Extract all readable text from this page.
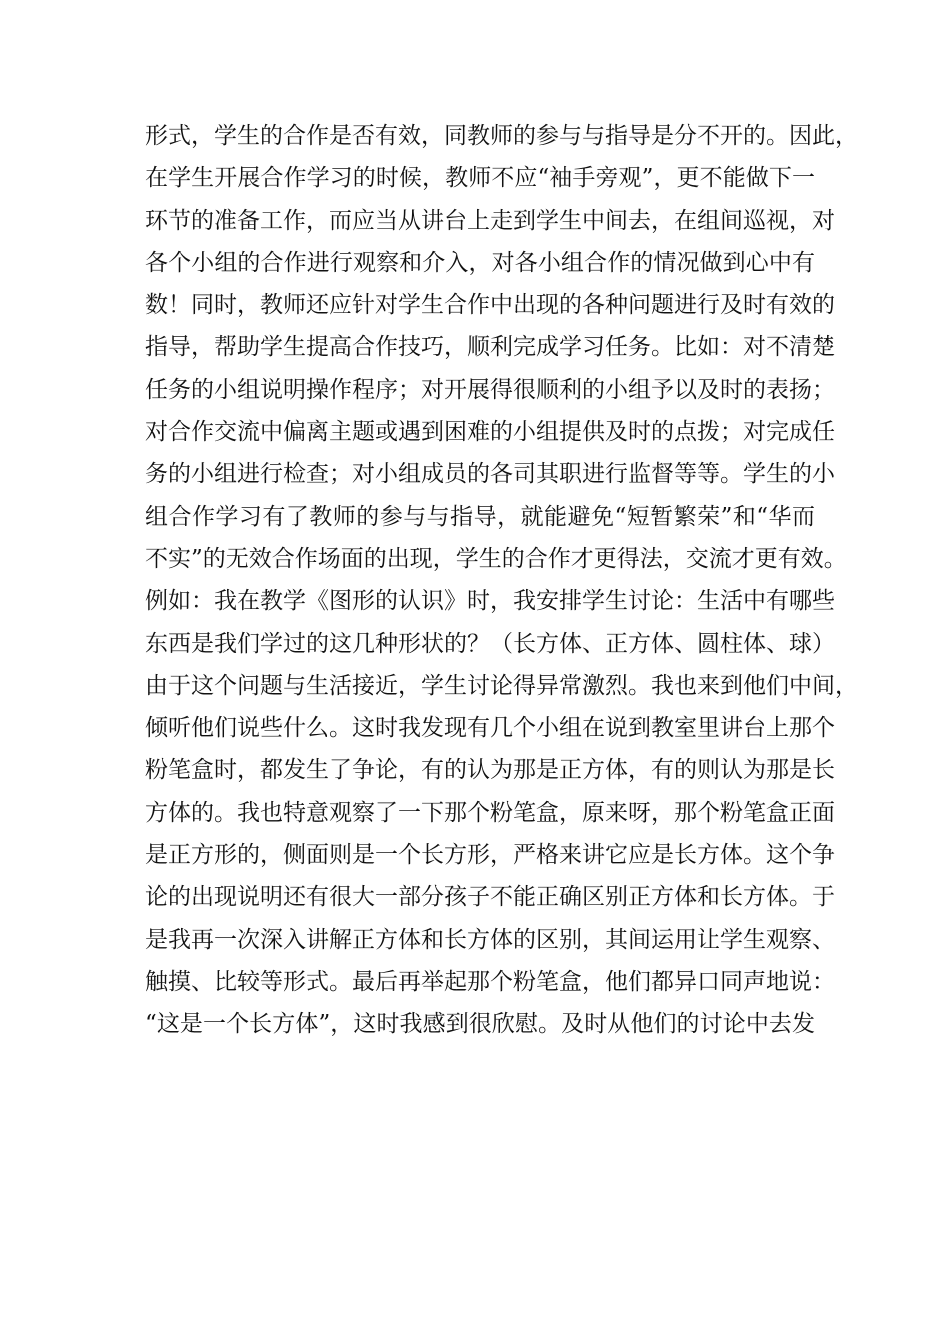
形式，学生的合作是否有效，同教师的参与与指导是分不开的。因此，
在学生开展合作学习的时候，教师不应“袖手旁观”，更不能做下一
环节的准备工作，而应当从讲台上走到学生中间去，在组间巡视，对
各个小组的合作进行观察和介入，对各小组合作的情况做到心中有
数！同时，教师还应针对学生合作中出现的各种问题进行及时有效的
指导，帮助学生提高合作技巧，顺利完成学习任务。比如：对不清楚
任务的小组说明操作程序；对开展得很顺利的小组予以及时的表扬；
对合作交流中偏离主题或遇到困难的小组提供及时的点拨；对完成任
务的小组进行检查；对小组成员的各司其职进行监督等等。学生的小
组合作学习有了教师的参与与指导，就能避免“短暂繁荣”和“华而
不实”的无效合作场面的出现，学生的合作才更得法，交流才更有效。
例如：我在教学《图形的认识》时，我安排学生讨论：生活中有哪些
东西是我们学过的这几种形状的？（长方体、正方体、圆柱体、球）
由于这个问题与生活接近，学生讨论得异常激烈。我也来到他们中间，
倾听他们说些什么。这时我发现有几个小组在说到教室里讲台上那个
粉笔盒时，都发生了争论，有的认为那是正方体，有的则认为那是长
方体的。我也特意观察了一下那个粉笔盒，原来呀，那个粉笔盒正面
是正方形的，侧面则是一个长方形，严格来讲它应是长方体。这个争
论的出现说明还有很大一部分孩子不能正确区别正方体和长方体。于
是我再一次深入讲解正方体和长方体的区别，其间运用让学生观察、
触摸、比较等形式。最后再举起那个粉笔盒，他们都异口同声地说：
“这是一个长方体”，这时我感到很欣慰。及时从他们的讨论中去发
